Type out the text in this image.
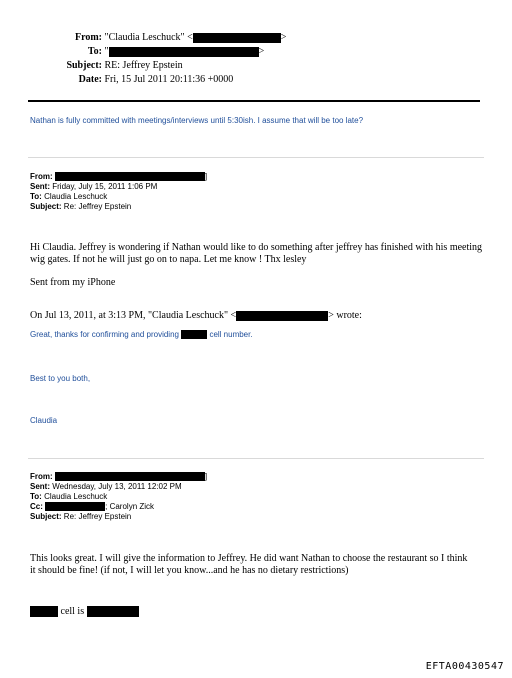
From: "Claudia Leschuck" <	>
To: "	>
Subject: RE: Jeffrey Epstein
Date: Fri, 15 Jul 2011 20:11:36 +0000
Nathan is fully committed with meetings/interviews until 5:30ish. I assume that will be too late?
From:	]
Sent: Friday, July 15, 2011 1:06 PM
To: Claudia Leschuck
Subject: Re: Jeffrey Epstein
Hi Claudia. Jeffrey is wondering if Nathan would like to do something after jeffrey has finished with his meeting
wig gates. If not he will just go on to napa. Let me know ! Thx lesley
Sent from my iPhone
On Jul 13, 2011, at 3:13 PM, "Claudia Leschuck" <	> wrote:
Great, thanks for confirming and providing	cell number.
Best to you both,
Claudia
From:	]
Sent: Wednesday, July 13, 2011 12:02 PM
To: Claudia Leschuck
Cc:	; Carolyn Zick
Subject: Re: Jeffrey Epstein
This looks great. I will give the information to Jeffrey. He did want Nathan to choose the restaurant so I think
it should be fine! (if not, I will let you know...and he has no dietary restrictions)
cell is
EFTA00430547
